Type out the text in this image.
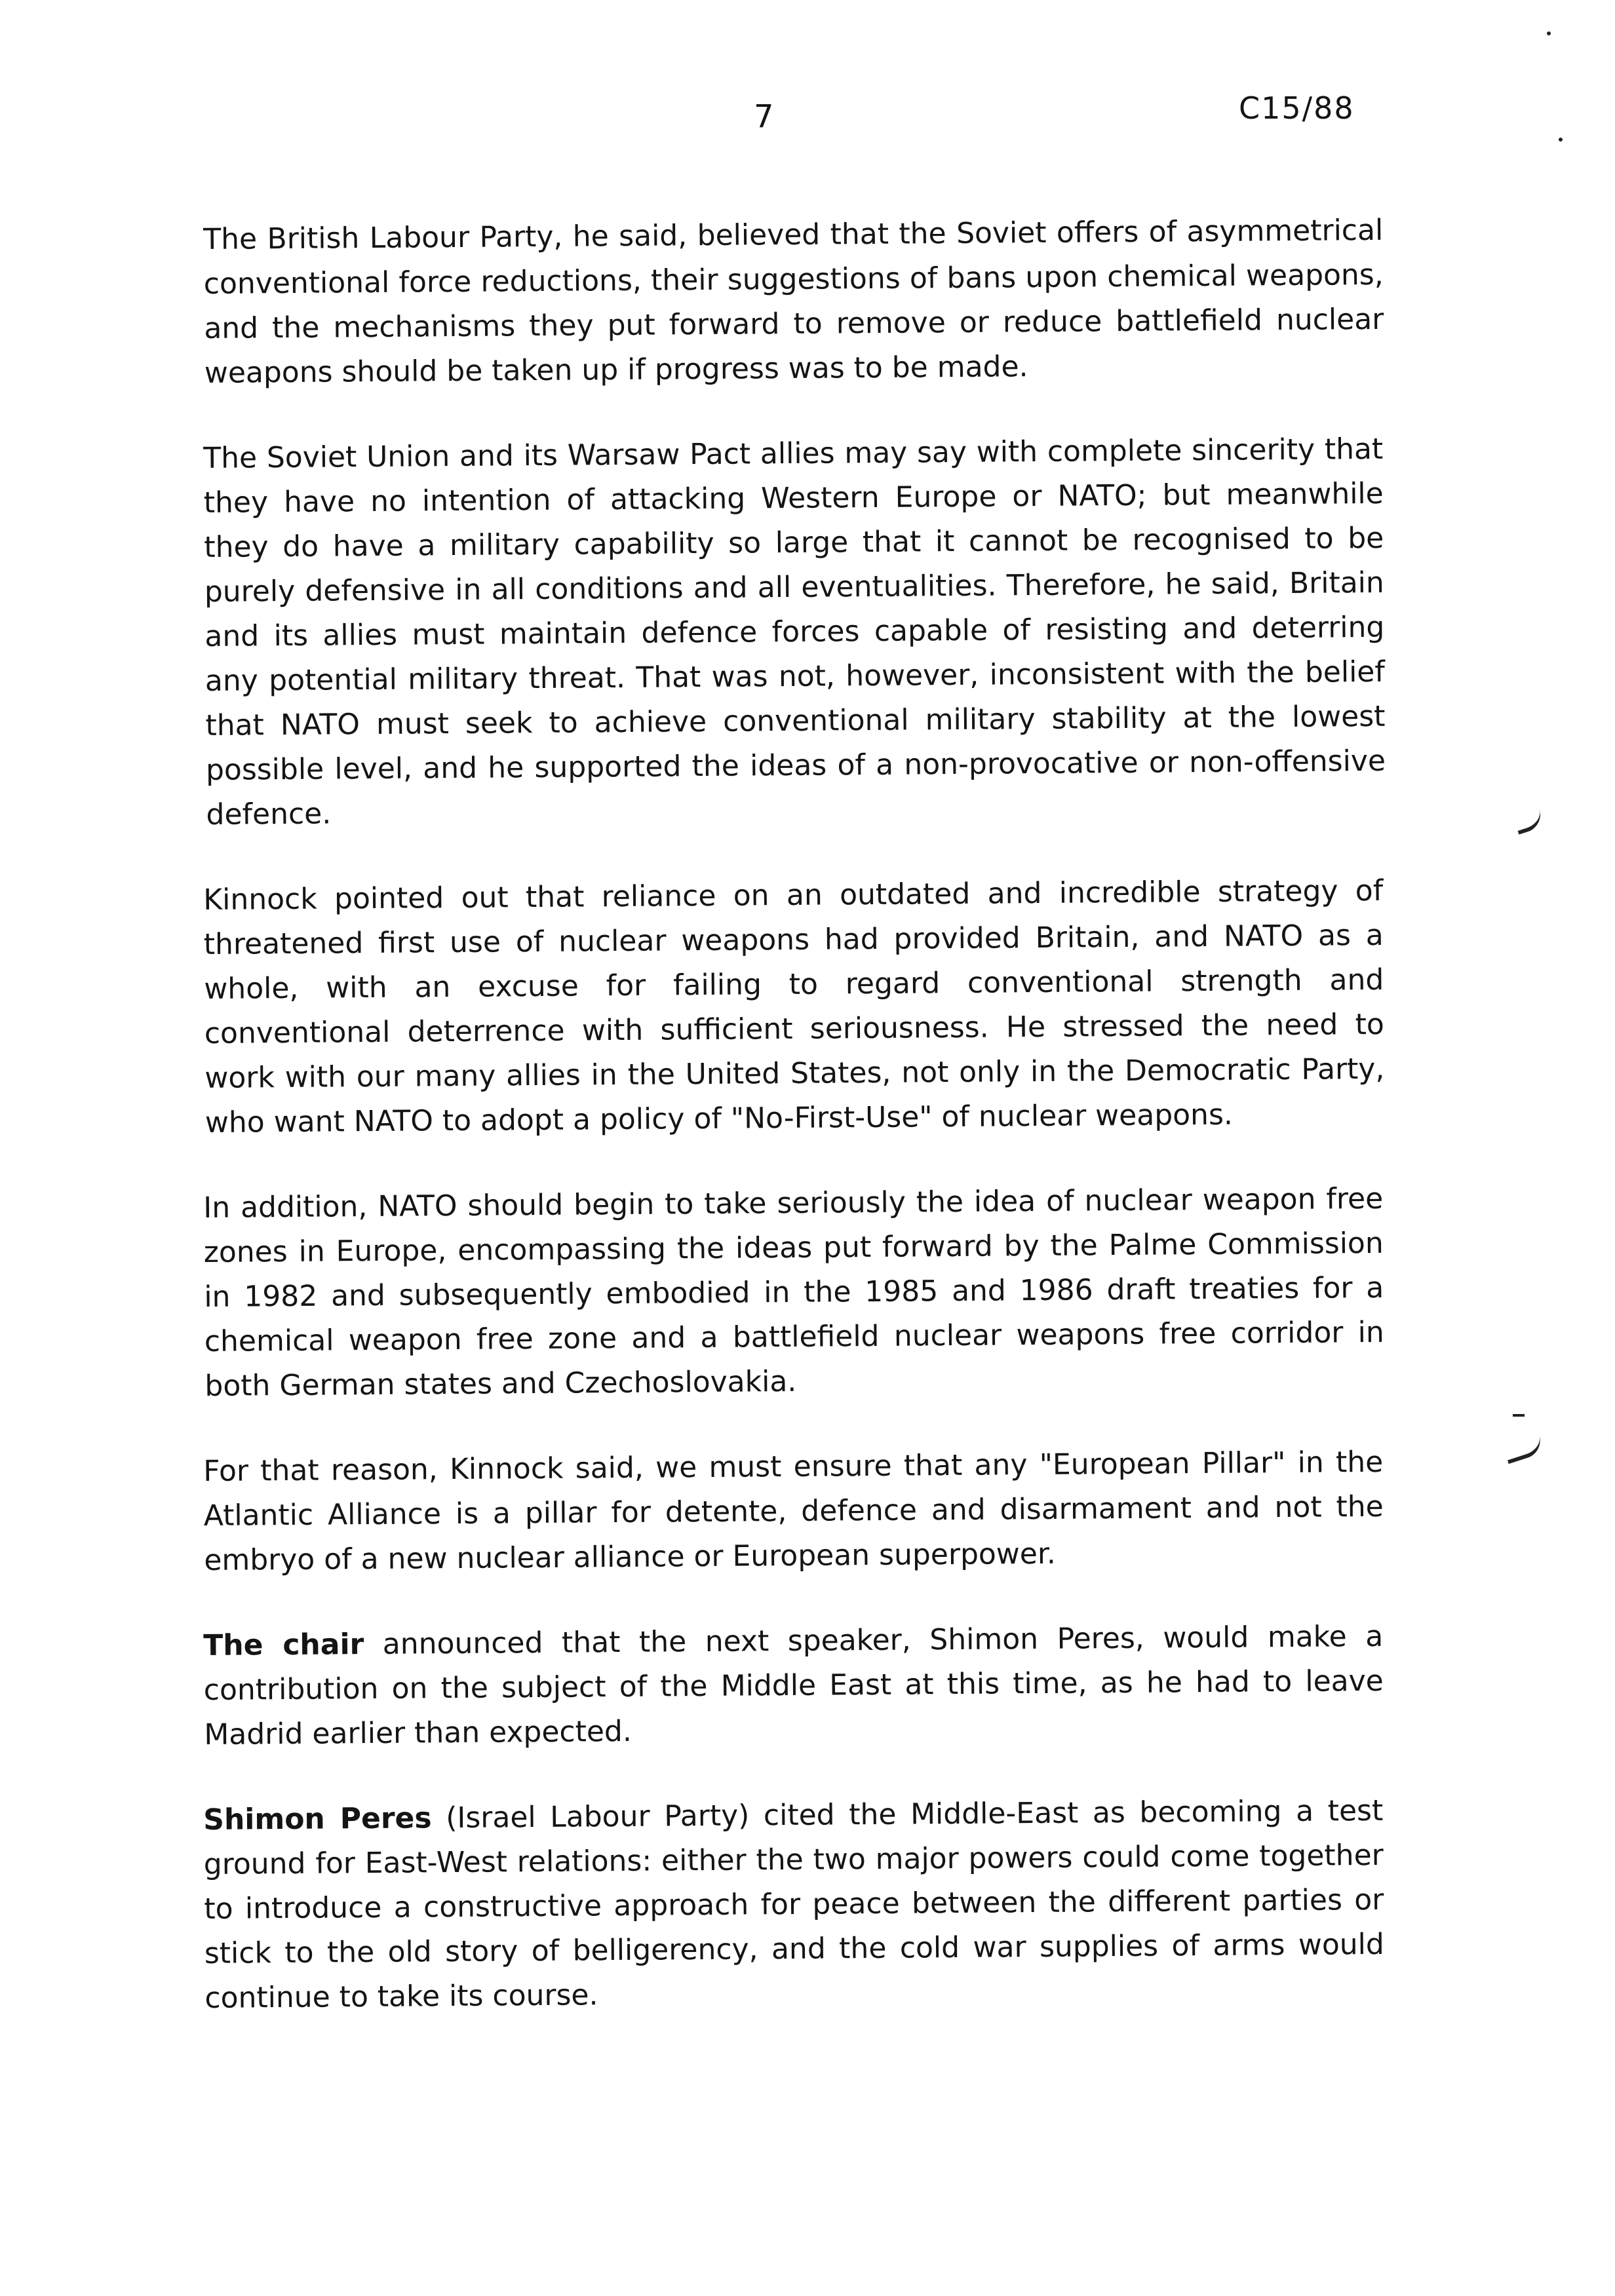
7	C15/88

The British Labour Party, he said, believed that the Soviet offers of asymmetrical conventional force reductions, their suggestions of bans upon chemical weapons, and the mechanisms they put forward to remove or reduce battlefield nuclear weapons should be taken up if progress was to be made.

The Soviet Union and its Warsaw Pact allies may say with complete sincerity that they have no intention of attacking Western Europe or NATO; but meanwhile they do have a military capability so large that it cannot be recognised to be purely defensive in all conditions and all eventualities. Therefore, he said, Britain and its allies must maintain defence forces capable of resisting and deterring any potential military threat. That was not, however, inconsistent with the belief that NATO must seek to achieve conventional military stability at the lowest possible level, and he supported the ideas of a non-provocative or non-offensive defence.

Kinnock pointed out that reliance on an outdated and incredible strategy of threatened first use of nuclear weapons had provided Britain, and NATO as a whole, with an excuse for failing to regard conventional strength and conventional deterrence with sufficient seriousness. He stressed the need to work with our many allies in the United States, not only in the Democratic Party, who want NATO to adopt a policy of "No-First-Use" of nuclear weapons.

In addition, NATO should begin to take seriously the idea of nuclear weapon free zones in Europe, encompassing the ideas put forward by the Palme Commission in 1982 and subsequently embodied in the 1985 and 1986 draft treaties for a chemical weapon free zone and a battlefield nuclear weapons free corridor in both German states and Czechoslovakia.

For that reason, Kinnock said, we must ensure that any "European Pillar" in the Atlantic Alliance is a pillar for detente, defence and disarmament and not the embryo of a new nuclear alliance or European superpower.

The chair announced that the next speaker, Shimon Peres, would make a contribution on the subject of the Middle East at this time, as he had to leave Madrid earlier than expected.

Shimon Peres (Israel Labour Party) cited the Middle-East as becoming a test ground for East-West relations: either the two major powers could come together to introduce a constructive approach for peace between the different parties or stick to the old story of belligerency, and the cold war supplies of arms would continue to take its course.
